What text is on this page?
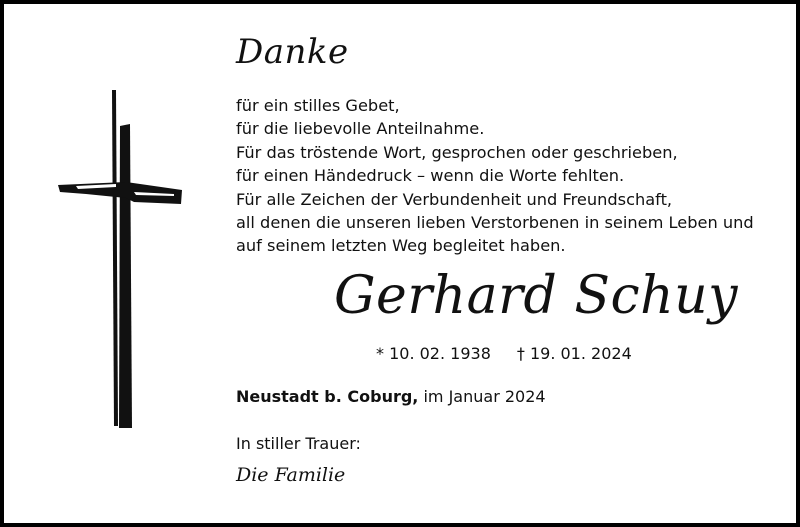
Danke
für ein stilles Gebet,
für die liebevolle Anteilnahme.
Für das tröstende Wort, gesprochen oder geschrieben,
für einen Händedruck – wenn die Worte fehlten.
Für alle Zeichen der Verbundenheit und Freundschaft,
all denen die unseren lieben Verstorbenen in seinem Leben und
auf seinem letzten Weg begleitet haben.
Gerhard Schuy
* 10. 02. 1938 † 19. 01. 2024
Neustadt b. Coburg, im Januar 2024
In stiller Trauer:
Die Familie
